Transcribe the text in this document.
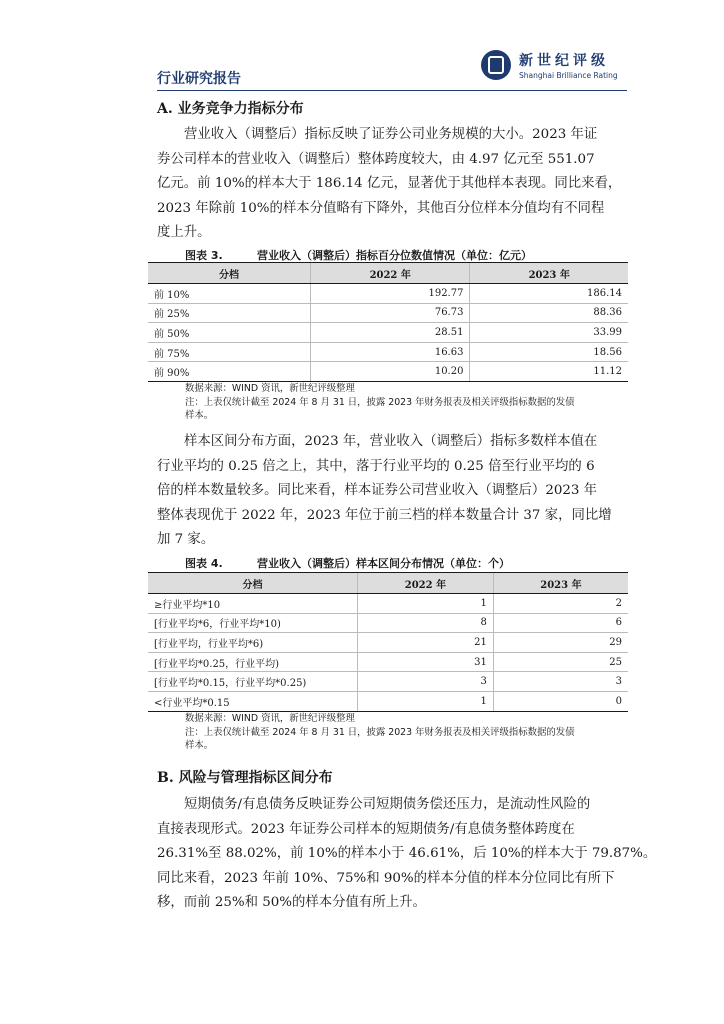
行业研究报告
新世纪评级
Shanghai Brilliance Rating
A. 业务竞争力指标分布
营业收入（调整后）指标反映了证券公司业务规模的大小。2023 年证
券公司样本的营业收入（调整后）整体跨度较大，由 4.97 亿元至 551.07
亿元。前 10%的样本大于 186.14 亿元，显著优于其他样本表现。同比来看，
2023 年除前 10%的样本分值略有下降外，其他百分位样本分值均有不同程
度上升。
图表 3.	营业收入（调整后）指标百分位数值情况（单位：亿元）
分档	2022 年	2023 年
前 10%	192.77	186.14
前 25%	76.73	88.36
前 50%	28.51	33.99
前 75%	16.63	18.56
前 90%	10.20	11.12
数据来源：WIND 资讯，新世纪评级整理
注：上表仅统计截至 2024 年 8 月 31 日，披露 2023 年财务报表及相关评级指标数据的发债
样本。
样本区间分布方面，2023 年，营业收入（调整后）指标多数样本值在
行业平均的 0.25 倍之上，其中，落于行业平均的 0.25 倍至行业平均的 6
倍的样本数量较多。同比来看，样本证券公司营业收入（调整后）2023 年
整体表现优于 2022 年，2023 年位于前三档的样本数量合计 37 家，同比增
加 7 家。
图表 4.	营业收入（调整后）样本区间分布情况（单位：个）
分档	2022 年	2023 年
≥行业平均*10	1	2
[行业平均*6，行业平均*10)	8	6
[行业平均，行业平均*6)	21	29
[行业平均*0.25，行业平均)	31	25
[行业平均*0.15，行业平均*0.25)	3	3
<行业平均*0.15	1	0
数据来源：WIND 资讯，新世纪评级整理
注：上表仅统计截至 2024 年 8 月 31 日，披露 2023 年财务报表及相关评级指标数据的发债
样本。
B. 风险与管理指标区间分布
短期债务/有息债务反映证券公司短期债务偿还压力，是流动性风险的
直接表现形式。2023 年证券公司样本的短期债务/有息债务整体跨度在
26.31%至 88.02%，前 10%的样本小于 46.61%，后 10%的样本大于 79.87%。
同比来看，2023 年前 10%、75%和 90%的样本分值的样本分位同比有所下
移，而前 25%和 50%的样本分值有所上升。
